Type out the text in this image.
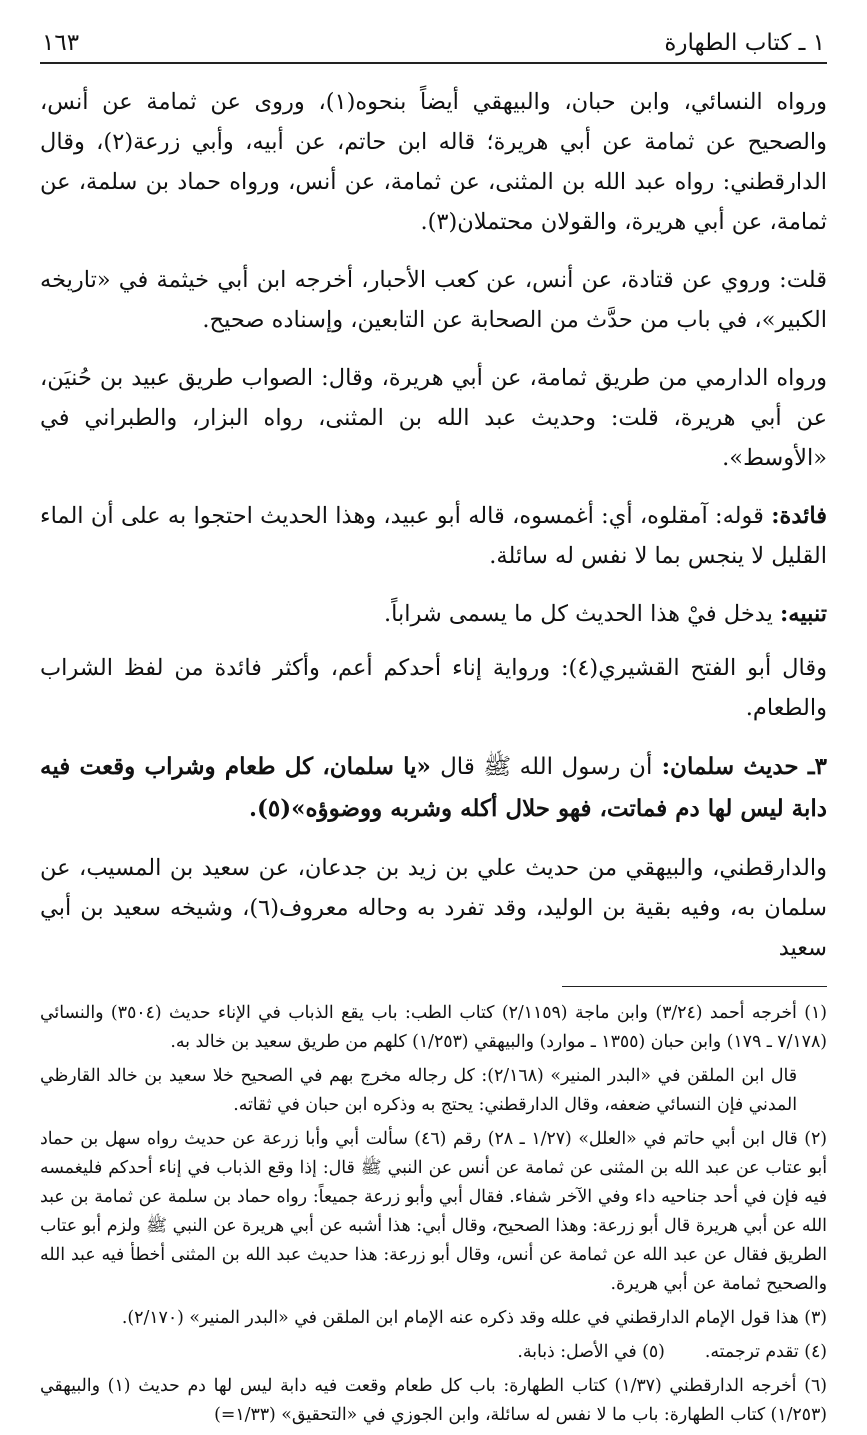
١ ـ كتاب الطهارة
١٦٣

ورواه النسائي، وابن حبان، والبيهقي أيضاً بنحوه(١)، وروى عن ثمامة عن أنس، والصحيح عن ثمامة عن أبي هريرة؛ قاله ابن حاتم، عن أبيه، وأبي زرعة(٢)، وقال الدارقطني: رواه عبد الله بن المثنى، عن ثمامة، عن أنس، ورواه حماد بن سلمة، عن ثمامة، عن أبي هريرة، والقولان محتملان(٣).

قلت: وروي عن قتادة، عن أنس، عن كعب الأحبار، أخرجه ابن أبي خيثمة في «تاريخه الكبير»، في باب من حدَّث من الصحابة عن التابعين، وإسناده صحيح.

ورواه الدارمي من طريق ثمامة، عن أبي هريرة، وقال: الصواب طريق عبيد بن حُنيَن، عن أبي هريرة، قلت: وحديث عبد الله بن المثنى، رواه البزار، والطبراني في «الأوسط».

فائدة: قوله: آمقلوه، أي: أغمسوه، قاله أبو عبيد، وهذا الحديث احتجوا به على أن الماء القليل لا ينجس بما لا نفس له سائلة.

تنبيه: يدخل فيْ هذا الحديث كل ما يسمى شراباً.

وقال أبو الفتح القشيري(٤): ورواية إناء أحدكم أعم، وأكثر فائدة من لفظ الشراب والطعام.

٣ـ حديث سلمان: أن رسول الله ﷺ قال «يا سلمان، كل طعام وشراب وقعت فيه دابة ليس لها دم فماتت، فهو حلال أكله وشربه ووضوؤه»(٥).

والدارقطني، والبيهقي من حديث علي بن زيد بن جدعان، عن سعيد بن المسيب، عن سلمان به، وفيه بقية بن الوليد، وقد تفرد به وحاله معروف(٦)، وشيخه سعيد بن أبي سعيد

(١) أخرجه أحمد (٣/٢٤) وابن ماجة (٢/١١٥٩) كتاب الطب: باب يقع الذباب في الإناء حديث (٣٥٠٤) والنسائي (٧/١٧٨ ـ ١٧٩) وابن حبان (١٣٥٥ ـ موارد) والبيهقي (١/٢٥٣) كلهم من طريق سعيد بن خالد به.

قال ابن الملقن في «البدر المنير» (٢/١٦٨): كل رجاله مخرج بهم في الصحيح خلا سعيد بن خالد القارظي المدني فإن النسائي ضعفه، وقال الدارقطني: يحتج به وذكره ابن حبان في ثقاته.

(٢) قال ابن أبي حاتم في «العلل» (١/٢٧ ـ ٢٨) رقم (٤٦) سألت أبي وأبا زرعة عن حديث رواه سهل بن حماد أبو عتاب عن عبد الله بن المثنى عن ثمامة عن أنس عن النبي ﷺ قال: إذا وقع الذباب في إناء أحدكم فليغمسه فيه فإن في أحد جناحيه داء وفي الآخر شفاء. فقال أبي وأبو زرعة جميعاً: رواه حماد بن سلمة عن ثمامة بن عبد الله عن أبي هريرة قال أبو زرعة: وهذا الصحيح، وقال أبي: هذا أشبه عن أبي هريرة عن النبي ﷺ ولزم أبو عتاب الطريق فقال عن عبد الله عن ثمامة عن أنس، وقال أبو زرعة: هذا حديث عبد الله بن المثنى أخطأ فيه عبد الله والصحيح ثمامة عن أبي هريرة.

(٣) هذا قول الإمام الدارقطني في علله وقد ذكره عنه الإمام ابن الملقن في «البدر المنير» (٢/١٧٠).

(٤) تقدم ترجمته.
(٥) في الأصل: ذبابة.

(٦) أخرجه الدارقطني (١/٣٧) كتاب الطهارة: باب كل طعام وقعت فيه دابة ليس لها دم حديث (١) والبيهقي (١/٢٥٣) كتاب الطهارة: باب ما لا نفس له سائلة، وابن الجوزي في «التحقيق» (١/٣٣=)
